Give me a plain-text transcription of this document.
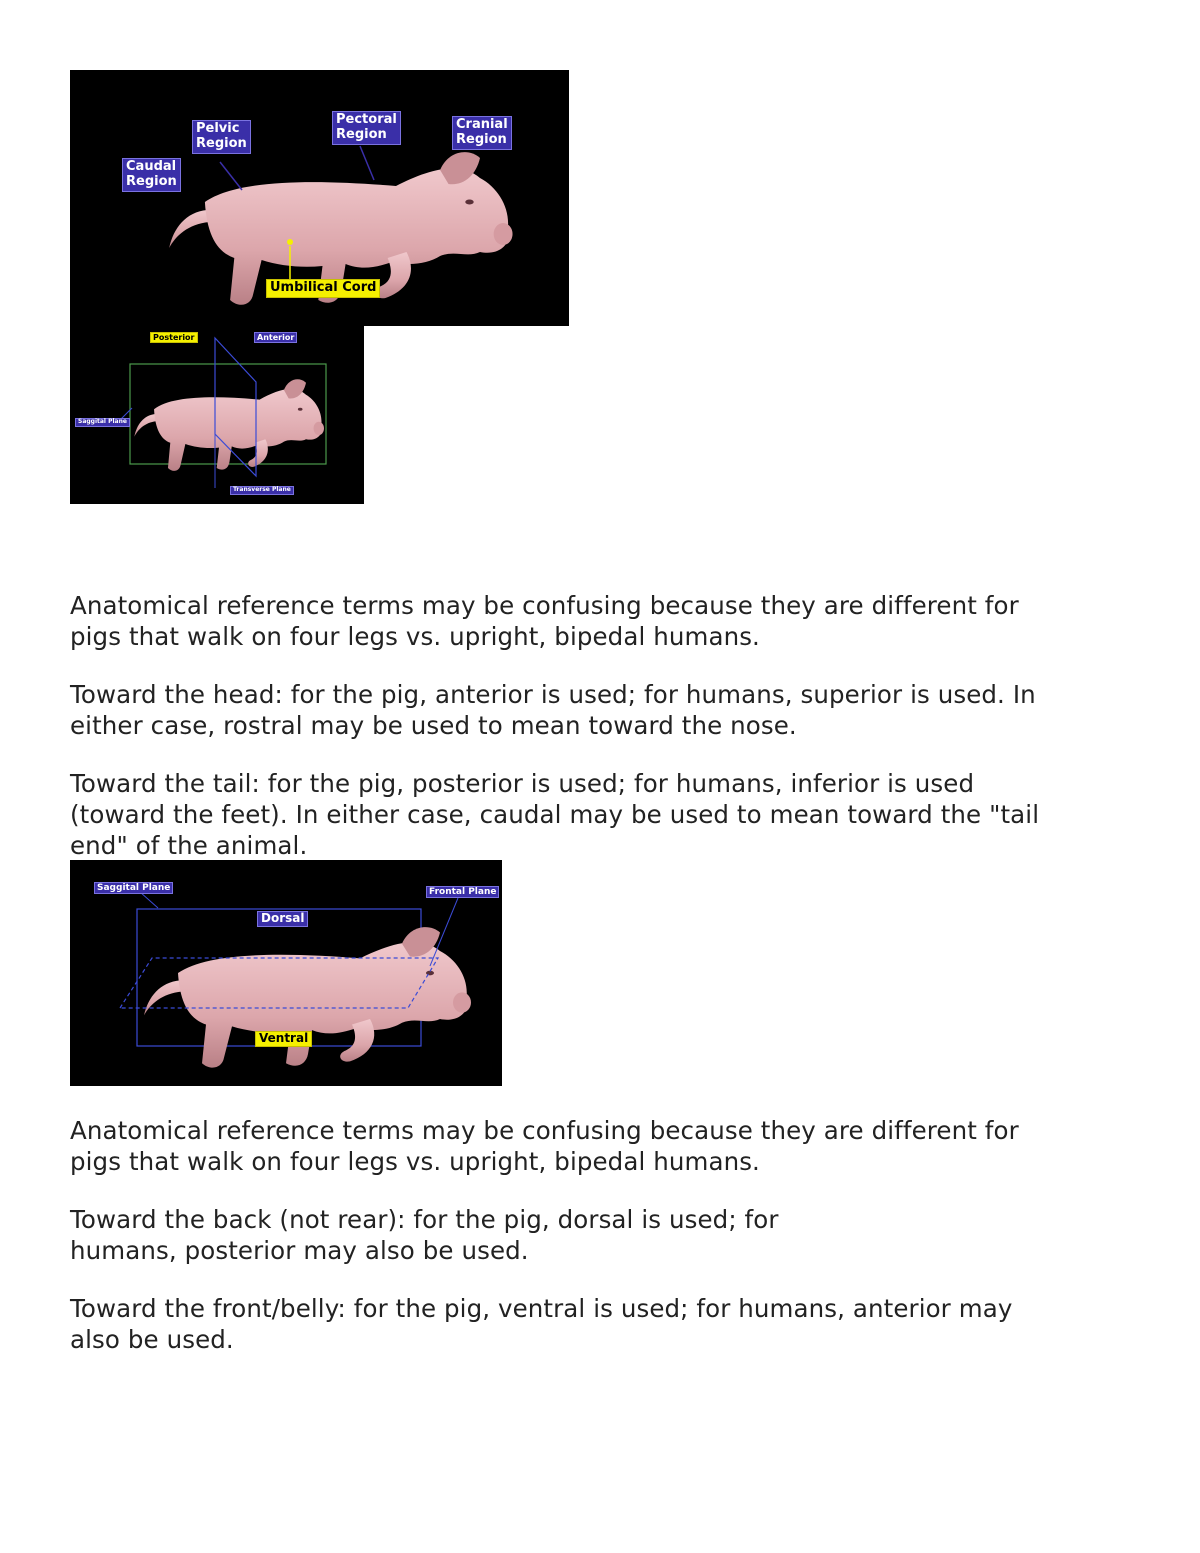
Caudal
Region
Pelvic
Region
Pectoral
Region
Cranial
Region
Umbilical Cord
Posterior	Anterior
Saggital Plane
Transverse Plane

Anatomical reference terms may be confusing because they are different for
pigs that walk on four legs vs. upright, bipedal humans.

Toward the head: for the pig, anterior is used; for humans, superior is used. In
either case, rostral may be used to mean toward the nose.

Toward the tail: for the pig, posterior is used; for humans, inferior is used
(toward the feet). In either case, caudal may be used to mean toward the "tail
end" of the animal.

Saggital Plane	Frontal Plane
Dorsal
Ventral

Anatomical reference terms may be confusing because they are different for
pigs that walk on four legs vs. upright, bipedal humans.

Toward the back (not rear): for the pig, dorsal is used; for
humans, posterior may also be used.

Toward the front/belly: for the pig, ventral is used; for humans, anterior may
also be used.
